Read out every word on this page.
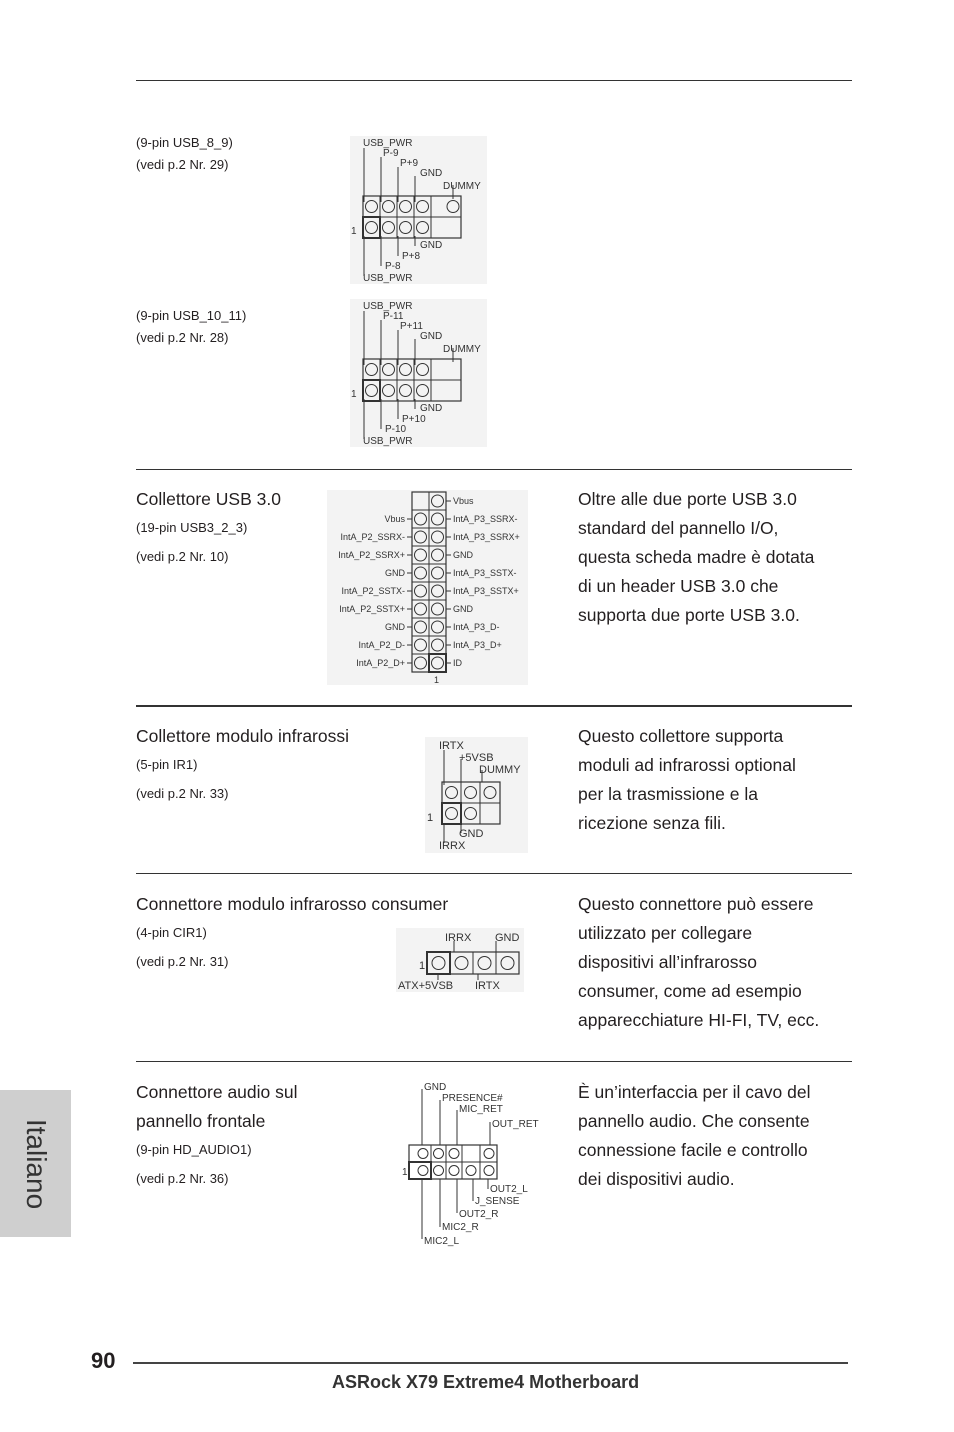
(9-pin USB_8_9)
(vedi p.2 Nr. 29)
USB_PWR
P-9
P+9
GND
DUMMY
1
GND
P+8
P-8
USB_PWR
(9-pin USB_10_11)
(vedi p.2 Nr. 28)
USB_PWR
P-11
P+11
GND
DUMMY
1
GND
P+10
P-10
USB_PWR
Collettore USB 3.0
(19-pin USB3_2_3)
(vedi p.2 Nr. 10)
Oltre alle due porte USB 3.0
standard del pannello I/O,
questa scheda madre è dotata
di un header USB 3.0 che
supporta due porte USB 3.0.
Vbus
IntA_P3_SSRX-
Vbus
IntA_P3_SSRX+
IntA_P2_SSRX-
GND
IntA_P2_SSRX+
IntA_P3_SSTX-
GND
IntA_P3_SSTX+
IntA_P2_SSTX-
GND
IntA_P2_SSTX+
IntA_P3_D-
GND
IntA_P3_D+
IntA_P2_D-
ID
IntA_P2_D+
1
Collettore modulo infrarossi
(5-pin IR1)
(vedi p.2 Nr. 33)
Questo collettore supporta
moduli ad infrarossi optional
per la trasmissione e la
ricezione senza fili.
IRTX
+5VSB
DUMMY
1
GND
IRRX
Connettore modulo infrarosso consumer
(4-pin CIR1)
(vedi p.2 Nr. 31)
Questo connettore può essere
utilizzato per collegare
dispositivi all’infrarosso
consumer, come ad esempio
apparecchiature HI-FI, TV, ecc.
IRRX GND
1
ATX+5VSB IRTX
Connettore audio sul
pannello frontale
(9-pin HD_AUDIO1)
(vedi p.2 Nr. 36)
È un’interfaccia per il cavo del
pannello audio. Che consente
connessione facile e controllo
dei dispositivi audio.
GND
PRESENCE#
MIC_RET
OUT_RET
1
OUT2_L
J_SENSE
OUT2_R
MIC2_R
MIC2_L
Italiano
90
ASRock X79 Extreme4 Motherboard
